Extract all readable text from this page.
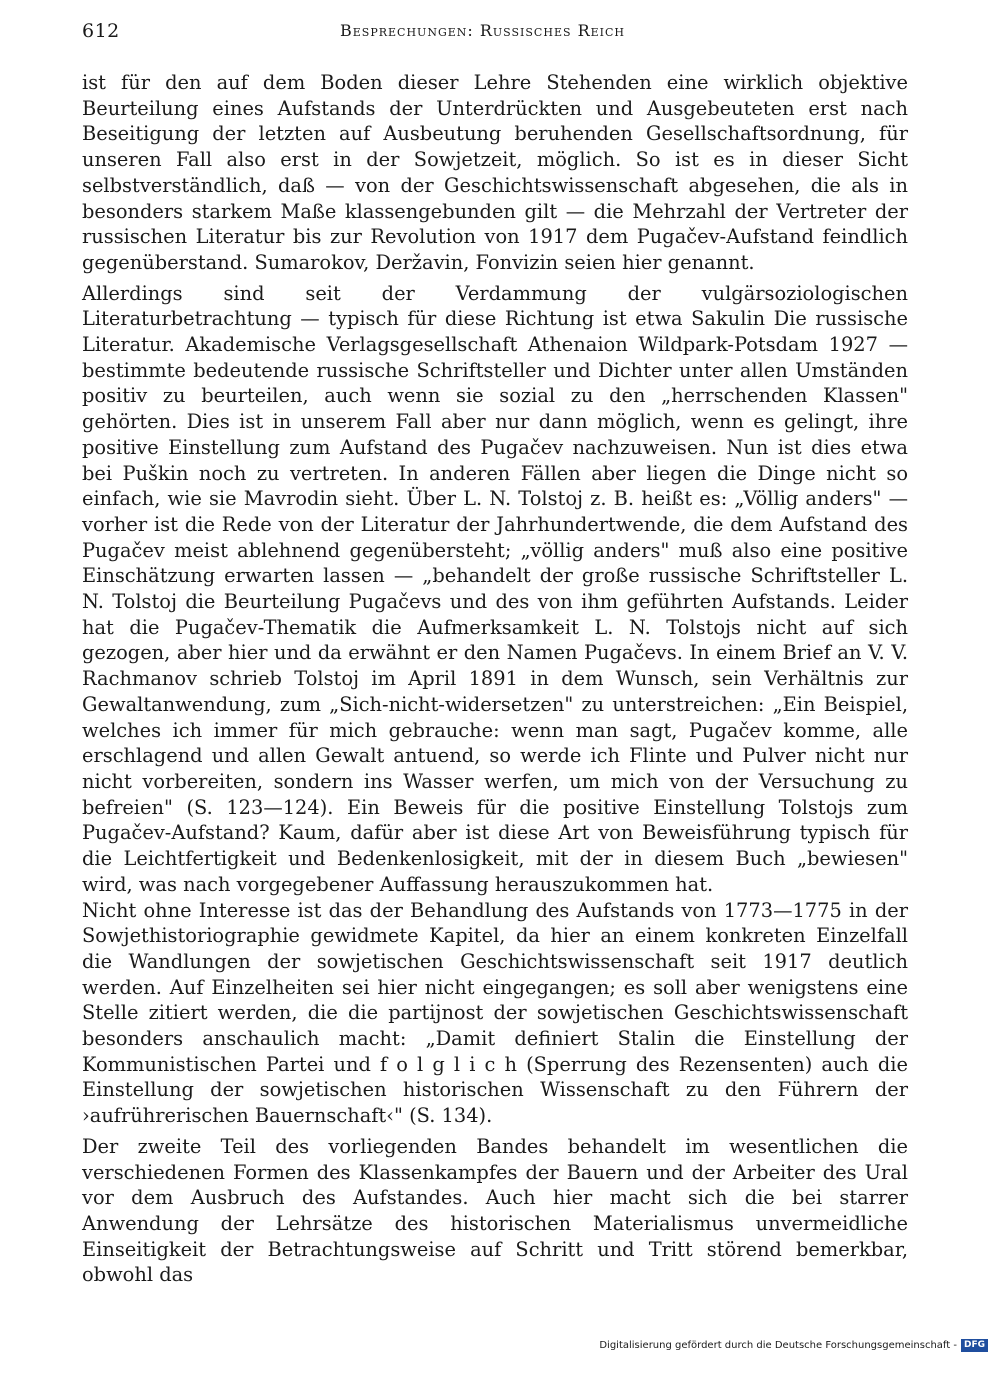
612	Besprechungen: Russisches Reich

ist für den auf dem Boden dieser Lehre Stehenden eine wirklich objektive Beurteilung eines Aufstands der Unterdrückten und Ausgebeuteten erst nach Beseitigung der letzten auf Ausbeutung beruhenden Gesellschaftsordnung, für unseren Fall also erst in der Sowjetzeit, möglich. So ist es in dieser Sicht selbstverständlich, daß — von der Geschichtswissenschaft abgesehen, die als in besonders starkem Maße klassengebunden gilt — die Mehrzahl der Vertreter der russischen Literatur bis zur Revolution von 1917 dem Pugačev-Aufstand feindlich gegenüberstand. Sumarokov, Deržavin, Fonvizin seien hier genannt.

Allerdings sind seit der Verdammung der vulgärsoziologischen Literaturbetrachtung — typisch für diese Richtung ist etwa Sakulin Die russische Literatur. Akademische Verlagsgesellschaft Athenaion Wildpark-Potsdam 1927 — bestimmte bedeutende russische Schriftsteller und Dichter unter allen Umständen positiv zu beurteilen, auch wenn sie sozial zu den „herrschenden Klassen" gehörten. Dies ist in unserem Fall aber nur dann möglich, wenn es gelingt, ihre positive Einstellung zum Aufstand des Pugačev nachzuweisen. Nun ist dies etwa bei Puškin noch zu vertreten. In anderen Fällen aber liegen die Dinge nicht so einfach, wie sie Mavrodin sieht. Über L. N. Tolstoj z. B. heißt es: „Völlig anders" — vorher ist die Rede von der Literatur der Jahrhundertwende, die dem Aufstand des Pugačev meist ablehnend gegenübersteht; „völlig anders" muß also eine positive Einschätzung erwarten lassen — „behandelt der große russische Schriftsteller L. N. Tolstoj die Beurteilung Pugačevs und des von ihm geführten Aufstands. Leider hat die Pugačev-Thematik die Aufmerksamkeit L. N. Tolstojs nicht auf sich gezogen, aber hier und da erwähnt er den Namen Pugačevs. In einem Brief an V. V. Rachmanov schrieb Tolstoj im April 1891 in dem Wunsch, sein Verhältnis zur Gewaltanwendung, zum „Sich-nicht-widersetzen" zu unterstreichen: „Ein Beispiel, welches ich immer für mich gebrauche: wenn man sagt, Pugačev komme, alle erschlagend und allen Gewalt antuend, so werde ich Flinte und Pulver nicht nur nicht vorbereiten, sondern ins Wasser werfen, um mich von der Versuchung zu befreien" (S. 123—124). Ein Beweis für die positive Einstellung Tolstojs zum Pugačev-Aufstand? Kaum, dafür aber ist diese Art von Beweisführung typisch für die Leichtfertigkeit und Bedenkenlosigkeit, mit der in diesem Buch „bewiesen" wird, was nach vorgegebener Auffassung herauszukommen hat.

Nicht ohne Interesse ist das der Behandlung des Aufstands von 1773—1775 in der Sowjethistoriographie gewidmete Kapitel, da hier an einem konkreten Einzelfall die Wandlungen der sowjetischen Geschichtswissenschaft seit 1917 deutlich werden. Auf Einzelheiten sei hier nicht eingegangen; es soll aber wenigstens eine Stelle zitiert werden, die die partijnost der sowjetischen Geschichtswissenschaft besonders anschaulich macht: „Damit definiert Stalin die Einstellung der Kommunistischen Partei und f o l g l i c h (Sperrung des Rezensenten) auch die Einstellung der sowjetischen historischen Wissenschaft zu den Führern der ›aufrührerischen Bauernschaft‹" (S. 134).

Der zweite Teil des vorliegenden Bandes behandelt im wesentlichen die verschiedenen Formen des Klassenkampfes der Bauern und der Arbeiter des Ural vor dem Ausbruch des Aufstandes. Auch hier macht sich die bei starrer Anwendung der Lehrsätze des historischen Materialismus unvermeidliche Einseitigkeit der Betrachtungsweise auf Schritt und Tritt störend bemerkbar, obwohl das

Digitalisierung gefördert durch die Deutsche Forschungsgemeinschaft - DFG
